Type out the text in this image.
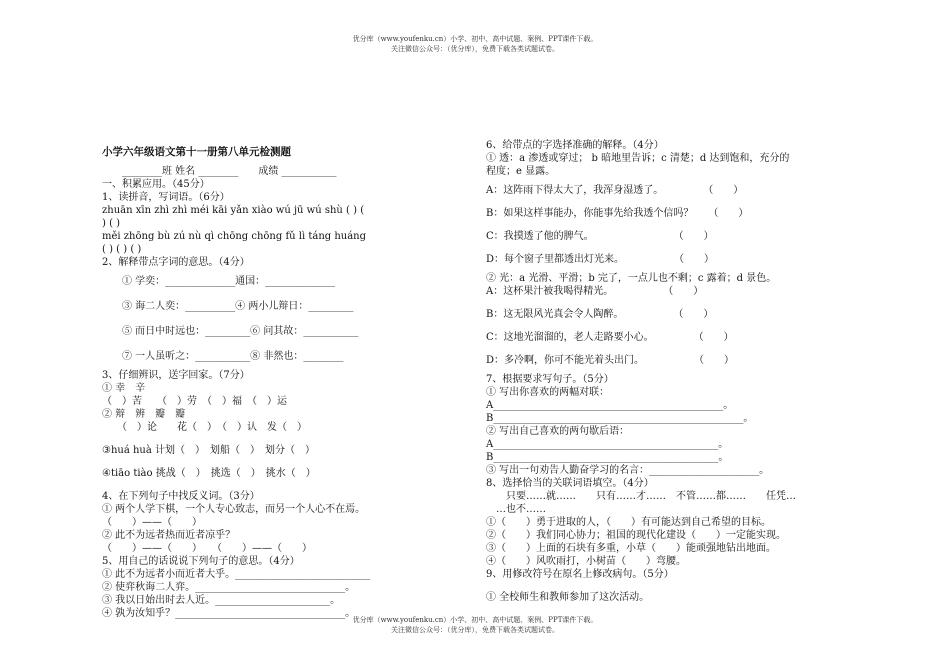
优分库（www.youfenku.cn）小学、初中、高中试题、案例、PPT课件下载。
关注微信公众号：（优分库），免费下载各类试题试卷。

小学六年级语文第十一册第八单元检测题

　　________班 姓名 ________　　成绩 ___________

一、积累应用。（45分）

1、读拼音，写词语。（6分）

zhuān xīn zhì zhì méi kāi yǎn xiào wú jū wú shù ( ) (

) ( )

měi zhōng bù zú nù qì chōng chōng fǔ lì táng huáng

( ) ( ) ( )

2、解释带点字词的意思。（4分）

　　① 学奕：______________通国：______________

　　③ 诲二人奕：__________④ 两小儿辩日：_________

　　⑤ 而日中时远也：_________⑥ 问其故：___________

　　⑦ 一人虽听之：___________⑧ 非然也：________

3、仔细辨识，送字回家。（7分）

① 幸　辛

（　）苦　　（　）劳　（　）福　（　）运

② 辩　辨　瓣　瓣

　　（　）论　　花（　）　（　）认　发（　）

③huá huà 计划（　）　划船（　）　划分（　）

④tiāo tiào 挑战（　）　挑选（　）　挑水（　）

4、在下列句子中找反义词。（3分）

① 两个人学下棋，一个人专心致志，而另一个人心不在焉。

（　　）——（　　）

② 此不为远者热而近者凉乎？

（　　）——（　　）　　（　　）——（　　）

5、用自己的话说说下列句子的意思。（4分）

① 此不为远者小而近者大乎。___________________________

② 使弈秋诲二人弈。______________________________。

③ 我以日始出时去人近。_______________________。

④ 孰为汝知乎？__________________________________。

6、给带点的字选择准确的解释。（4分）

① 透：a 渗透或穿过； b 暗地里告诉；c 清楚；d 达到饱和，充分的

程度；e 显露。

A：这阵雨下得太大了，我浑身湿透了。　　　　　（　　）

B：如果这样事能办，你能事先给我透个信吗？　　（　　）

C：我摸透了他的脾气。　　　　　　　　　（　　）

D：每个窗子里都透出灯光来。　　　　　　（　　）

② 光：a 光滑、平滑；b 完了，一点儿也不剩；c 露着；d 景色。

A：这杯果汁被我喝得精光。　　　　　　（　　）

B：这无限风光真会令人陶醉。　　　　　　（　　）

C：这地光溜溜的，老人走路要小心。　　　　　（　　）

D：多冷啊，你可不能光着头出门。　　　　　　（　　）

7、根据要求写句子。（5分）

① 写出你喜欢的两幅对联：

A______________________________________________。

B__________________________________________________。

② 写出自己喜欢的两句歇后语：

A_____________________________________________。

B_____________________________________________。

③ 写出一句劝告人勤奋学习的名言：______________________。

8、选择恰当的关联词语填空。（4分）

　　只要……就……　　只有……才……　不管……都……　　任凭…

　…也不……

①（　　）勇于进取的人，（　　）有可能达到自己希望的目标。

②（　　）我们同心协力；祖国的现代化建设（　　）一定能实现。

③（　　）上面的石块有多重，小草（　　）能顽强地钻出地面。

④（　　）风吹雨打，小树苗（　　）弯腰。

9、用修改符号在原名上修改病句。（5分）

① 全校师生和教师参加了这次活动。

优分库（www.youfenku.cn）小学、初中、高中试题、案例、PPT课件下载。
关注微信公众号：（优分库），免费下载各类试题试卷。
